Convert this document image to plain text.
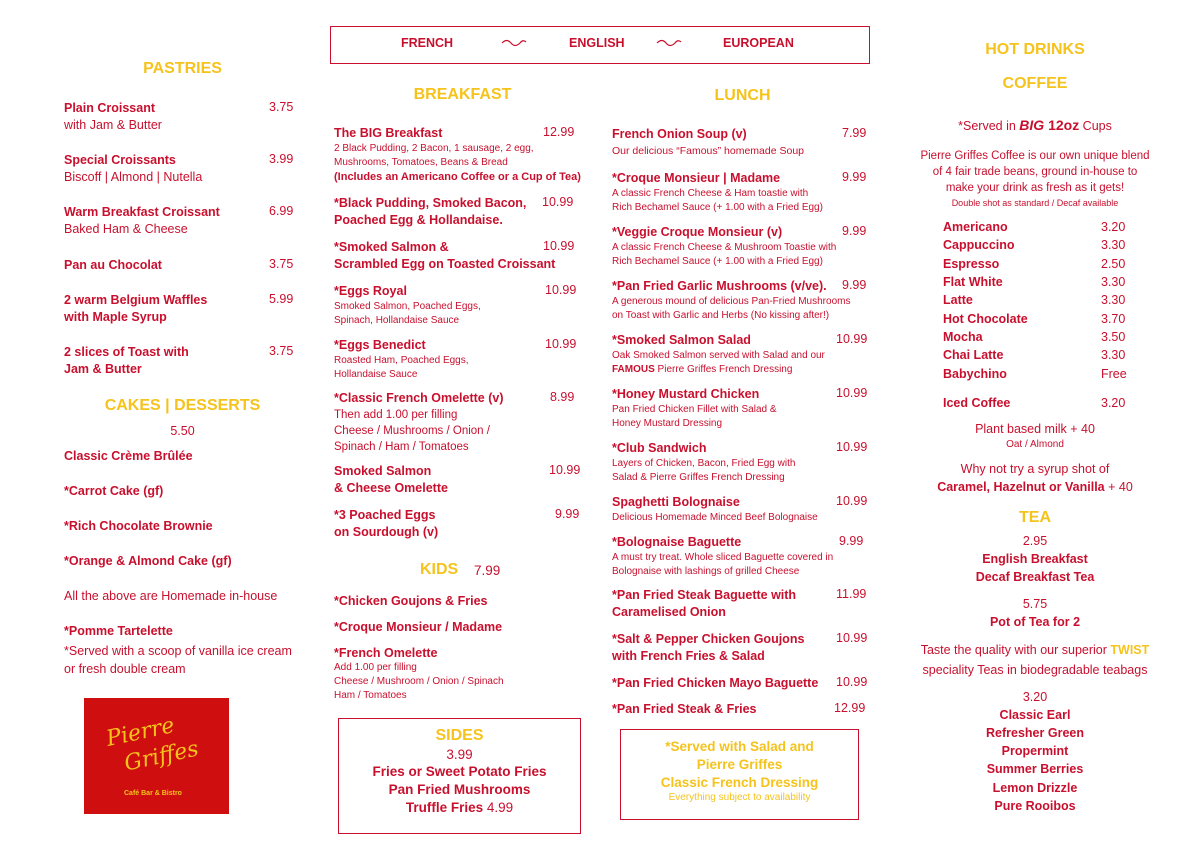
FRENCH	ENGLISH	EUROPEAN
PASTRIES
Plain Croissant
with Jam & Butter
3.75
Special Croissants
Biscoff | Almond | Nutella
3.99
Warm Breakfast Croissant
Baked Ham & Cheese
6.99
Pan au Chocolat	3.75
2 warm Belgium Waffles
with Maple Syrup
5.99
2 slices of Toast with
Jam & Butter
3.75
CAKES | DESSERTS
5.50
Classic Crème Brûlée
*Carrot Cake (gf)
*Rich Chocolate Brownie
*Orange & Almond Cake (gf)
All the above are Homemade in-house
*Pomme Tartelette
*Served with a scoop of vanilla ice cream
or fresh double cream
Pierre
Griffes
Café Bar & Bistro
BREAKFAST
The BIG Breakfast
2 Black Pudding, 2 Bacon, 1 sausage, 2 egg,
Mushrooms, Tomatoes, Beans & Bread
(Includes an Americano Coffee or a Cup of Tea)
12.99
*Black Pudding, Smoked Bacon,
Poached Egg & Hollandaise.
10.99
*Smoked Salmon &
Scrambled Egg on Toasted Croissant
10.99
*Eggs Royal
Smoked Salmon, Poached Eggs,
Spinach, Hollandaise Sauce
10.99
*Eggs Benedict
Roasted Ham, Poached Eggs,
Hollandaise Sauce
10.99
*Classic French Omelette (v)
Then add 1.00 per filling
Cheese / Mushrooms / Onion /
Spinach / Ham / Tomatoes
8.99
Smoked Salmon
& Cheese Omelette
10.99
*3 Poached Eggs
on Sourdough (v)
9.99
KIDS	7.99
*Chicken Goujons & Fries
*Croque Monsieur / Madame
*French Omelette
Add 1.00 per filling
Cheese / Mushroom / Onion / Spinach
Ham / Tomatoes
SIDES
3.99
Fries or Sweet Potato Fries
Pan Fried Mushrooms
Truffle Fries 4.99
LUNCH
French Onion Soup (v)
Our delicious “Famous” homemade Soup
7.99
*Croque Monsieur | Madame
A classic French Cheese & Ham toastie with
Rich Bechamel Sauce (+ 1.00 with a Fried Egg)
9.99
*Veggie Croque Monsieur (v)
A classic French Cheese & Mushroom Toastie with
Rich Bechamel Sauce (+ 1.00 with a Fried Egg)
9.99
*Pan Fried Garlic Mushrooms (v/ve).
A generous mound of delicious Pan-Fried Mushrooms
on Toast with Garlic and Herbs (No kissing after!)
9.99
*Smoked Salmon Salad
Oak Smoked Salmon served with Salad and our
FAMOUS Pierre Griffes French Dressing
10.99
*Honey Mustard Chicken
Pan Fried Chicken Fillet with Salad &
Honey Mustard Dressing
10.99
*Club Sandwich
Layers of Chicken, Bacon, Fried Egg with
Salad & Pierre Griffes French Dressing
10.99
Spaghetti Bolognaise
Delicious Homemade Minced Beef Bolognaise
10.99
*Bolognaise Baguette
A must try treat. Whole sliced Baguette covered in
Bolognaise with lashings of grilled Cheese
9.99
*Pan Fried Steak Baguette with
Caramelised Onion
11.99
*Salt & Pepper Chicken Goujons
with French Fries & Salad
10.99
*Pan Fried Chicken Mayo Baguette	10.99
*Pan Fried Steak & Fries	12.99
*Served with Salad and
Pierre Griffes
Classic French Dressing
Everything subject to availability
HOT DRINKS
COFFEE
*Served in BIG 12oz Cups
Pierre Griffes Coffee is our own unique blend
of 4 fair trade beans, ground in-house to
make your drink as fresh as it gets!
Double shot as standard / Decaf available
Americano	3.20
Cappuccino	3.30
Espresso	2.50
Flat White	3.30
Latte	3.30
Hot Chocolate	3.70
Mocha	3.50
Chai Latte	3.30
Babychino	Free
Iced Coffee	3.20
Plant based milk + 40
Oat / Almond
Why not try a syrup shot of
Caramel, Hazelnut or Vanilla + 40
TEA
2.95
English Breakfast
Decaf Breakfast Tea
5.75
Pot of Tea for 2
Taste the quality with our superior TWIST
speciality Teas in biodegradable teabags
3.20
Classic Earl
Refresher Green
Propermint
Summer Berries
Lemon Drizzle
Pure Rooibos
